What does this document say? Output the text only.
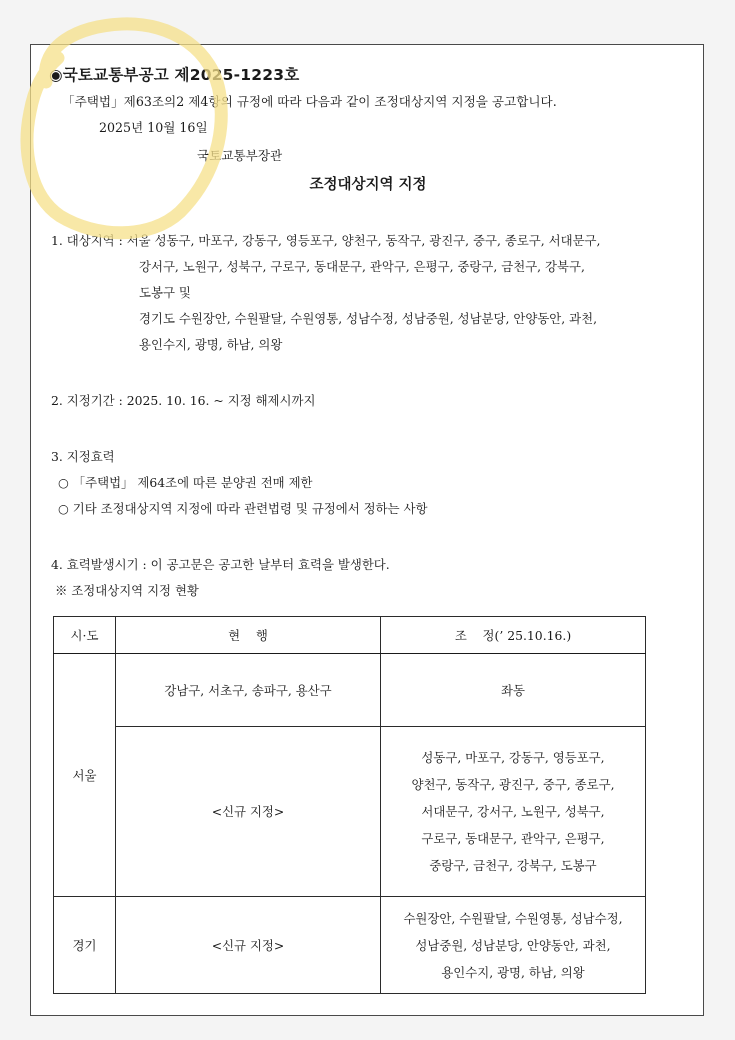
◉국토교통부공고 제2025-1223호
「주택법」제63조의2 제4항의 규정에 따라 다음과 같이 조정대상지역 지정을 공고합니다.
2025년 10월 16일
국토교통부장관
조정대상지역 지정
1. 대상지역 : 서울 성동구, 마포구, 강동구, 영등포구, 양천구, 동작구, 광진구, 중구, 종로구, 서대문구,
강서구, 노원구, 성북구, 구로구, 동대문구, 관악구, 은평구, 중랑구, 금천구, 강북구,
도봉구 및
경기도 수원장안, 수원팔달, 수원영통, 성남수정, 성남중원, 성남분당, 안양동안, 과천,
용인수지, 광명, 하남, 의왕
2. 지정기간 : 2025. 10. 16. ~ 지정 해제시까지
3. 지정효력
○ 「주택법」 제64조에 따른 분양권 전매 제한
○ 기타 조정대상지역 지정에 따라 관련법령 및 규정에서 정하는 사항
4. 효력발생시기 : 이 공고문은 공고한 날부터 효력을 발생한다.
※ 조정대상지역 지정 현황
시·도	현    행	조    정(’ 25.10.16.)
서울	강남구, 서초구, 송파구, 용산구	좌동
	<신규 지정>	성동구, 마포구, 강동구, 영등포구,
양천구, 동작구, 광진구, 중구, 종로구,
서대문구, 강서구, 노원구, 성북구,
구로구, 동대문구, 관악구, 은평구,
중랑구, 금천구, 강북구, 도봉구

경기	<신규 지정>	수원장안, 수원팔달, 수원영통, 성남수정,
성남중원, 성남분당, 안양동안, 과천,
용인수지, 광명, 하남, 의왕
